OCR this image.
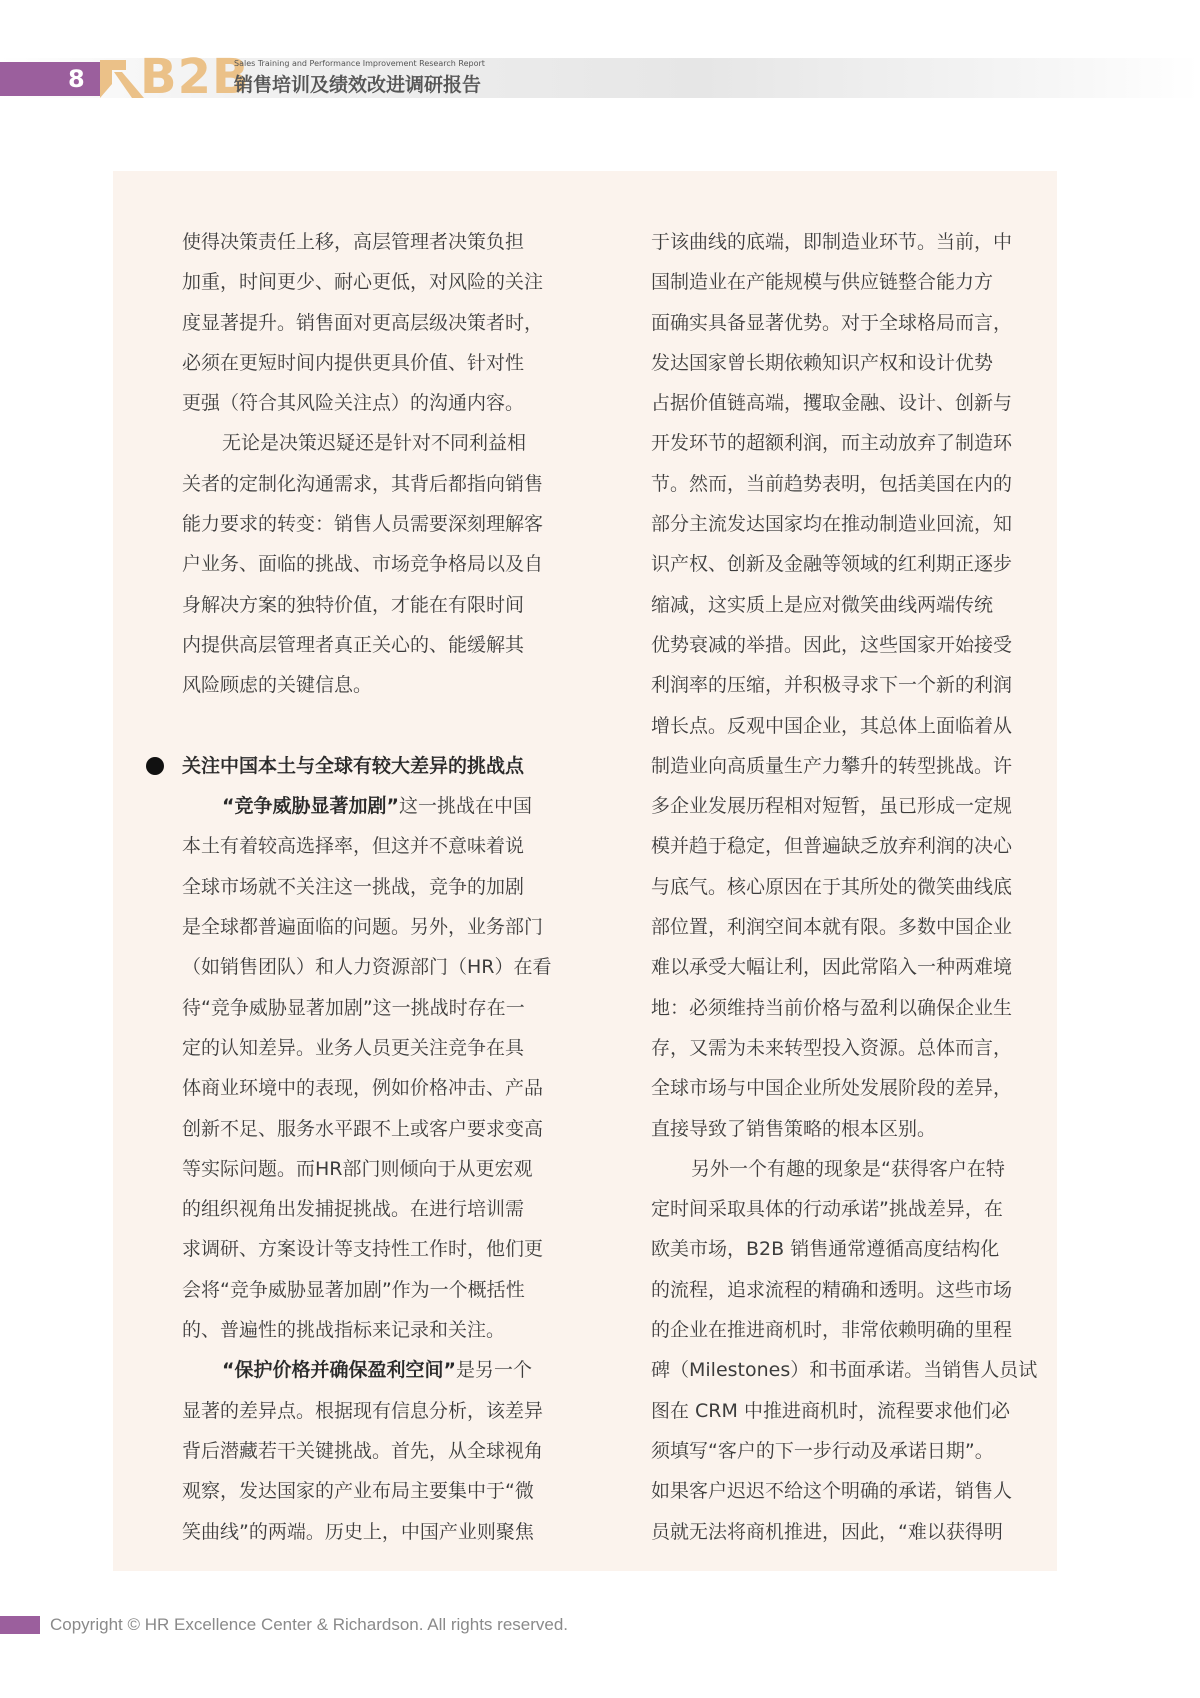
8 B2B
Sales Training and Performance Improvement Research Report
销售培训及绩效改进调研报告
使得决策责任上移，高层管理者决策负担
加重，时间更少、耐心更低，对风险的关注
度显著提升。销售面对更高层级决策者时，
必须在更短时间内提供更具价值、针对性
更强（符合其风险关注点）的沟通内容。
无论是决策迟疑还是针对不同利益相
关者的定制化沟通需求，其背后都指向销售
能力要求的转变：销售人员需要深刻理解客
户业务、面临的挑战、市场竞争格局以及自
身解决方案的独特价值，才能在有限时间
内提供高层管理者真正关心的、能缓解其
风险顾虑的关键信息。
关注中国本土与全球有较大差异的挑战点
“竞争威胁显著加剧”这一挑战在中国
本土有着较高选择率，但这并不意味着说
全球市场就不关注这一挑战，竞争的加剧
是全球都普遍面临的问题。另外，业务部门
（如销售团队）和人力资源部门（HR）在看
待“竞争威胁显著加剧”这一挑战时存在一
定的认知差异。业务人员更关注竞争在具
体商业环境中的表现，例如价格冲击、产品
创新不足、服务水平跟不上或客户要求变高
等实际问题。而HR部门则倾向于从更宏观
的组织视角出发捕捉挑战。在进行培训需
求调研、方案设计等支持性工作时，他们更
会将“竞争威胁显著加剧”作为一个概括性
的、普遍性的挑战指标来记录和关注。
“保护价格并确保盈利空间”是另一个
显著的差异点。根据现有信息分析，该差异
背后潜藏若干关键挑战。首先，从全球视角
观察，发达国家的产业布局主要集中于“微
笑曲线”的两端。历史上，中国产业则聚焦
于该曲线的底端，即制造业环节。当前，中
国制造业在产能规模与供应链整合能力方
面确实具备显著优势。对于全球格局而言，
发达国家曾长期依赖知识产权和设计优势
占据价值链高端，攫取金融、设计、创新与
开发环节的超额利润，而主动放弃了制造环
节。然而，当前趋势表明，包括美国在内的
部分主流发达国家均在推动制造业回流，知
识产权、创新及金融等领域的红利期正逐步
缩减，这实质上是应对微笑曲线两端传统
优势衰减的举措。因此，这些国家开始接受
利润率的压缩，并积极寻求下一个新的利润
增长点。反观中国企业，其总体上面临着从
制造业向高质量生产力攀升的转型挑战。许
多企业发展历程相对短暂，虽已形成一定规
模并趋于稳定，但普遍缺乏放弃利润的决心
与底气。核心原因在于其所处的微笑曲线底
部位置，利润空间本就有限。多数中国企业
难以承受大幅让利，因此常陷入一种两难境
地：必须维持当前价格与盈利以确保企业生
存，又需为未来转型投入资源。总体而言，
全球市场与中国企业所处发展阶段的差异，
直接导致了销售策略的根本区别。
另外一个有趣的现象是“获得客户在特
定时间采取具体的行动承诺”挑战差异，在
欧美市场，B2B 销售通常遵循高度结构化
的流程，追求流程的精确和透明。这些市场
的企业在推进商机时，非常依赖明确的里程
碑（Milestones）和书面承诺。当销售人员试
图在 CRM 中推进商机时，流程要求他们必
须填写“客户的下一步行动及承诺日期”。
如果客户迟迟不给这个明确的承诺，销售人
员就无法将商机推进，因此，“难以获得明
Copyright © HR Excellence Center & Richardson. All rights reserved.
